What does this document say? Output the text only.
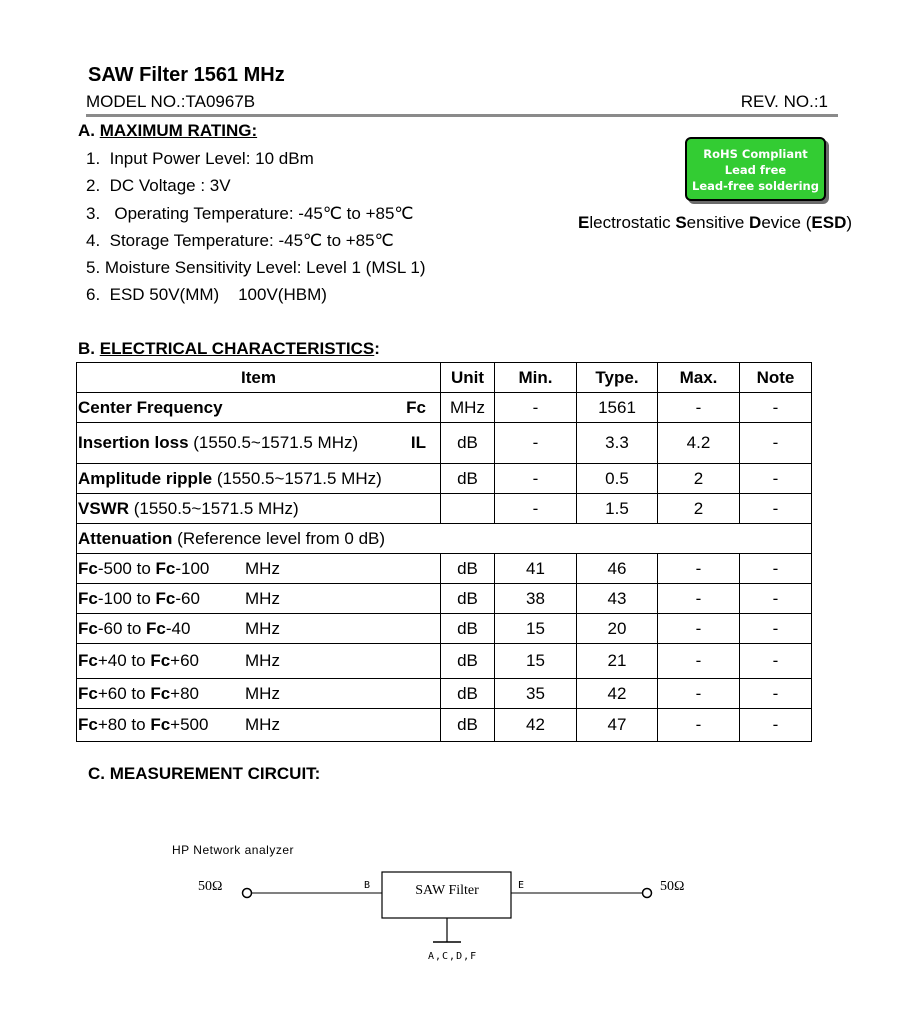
SAW Filter 1561 MHz
MODEL NO.:TA0967B	REV. NO.:1
A. MAXIMUM RATING:
1.  Input Power Level: 10 dBm
2.  DC Voltage : 3V
3.   Operating Temperature: -45℃ to +85℃
4.  Storage Temperature: -45℃ to +85℃
5. Moisture Sensitivity Level: Level 1 (MSL 1)
6.  ESD 50V(MM)    100V(HBM)
RoHS Compliant
Lead free
Lead-free soldering
Electrostatic Sensitive Device (ESD)
B. ELECTRICAL CHARACTERISTICS:
Item	Unit	Min.	Type.	Max.	Note
Center Frequency Fc	MHz	-	1561	-	-
Insertion loss (1550.5~1571.5 MHz) IL	dB	-	3.3	4.2	-
Amplitude ripple (1550.5~1571.5 MHz)	dB	-	0.5	2	-
VSWR (1550.5~1571.5 MHz)		-	1.5	2	-
Attenuation (Reference level from 0 dB)					
Fc-500 to Fc-100 MHz	dB	41	46	-	-
Fc-100 to Fc-60 MHz	dB	38	43	-	-
Fc-60 to Fc-40 MHz	dB	15	20	-	-
Fc+40 to Fc+60 MHz	dB	15	21	-	-
Fc+60 to Fc+80 MHz	dB	35	42	-	-
Fc+80 to Fc+500 MHz	dB	42	47	-	-
C. MEASUREMENT CIRCUIT:
HP Network analyzer
50Ω	B	SAW Filter	E	50Ω
A,C,D,F
